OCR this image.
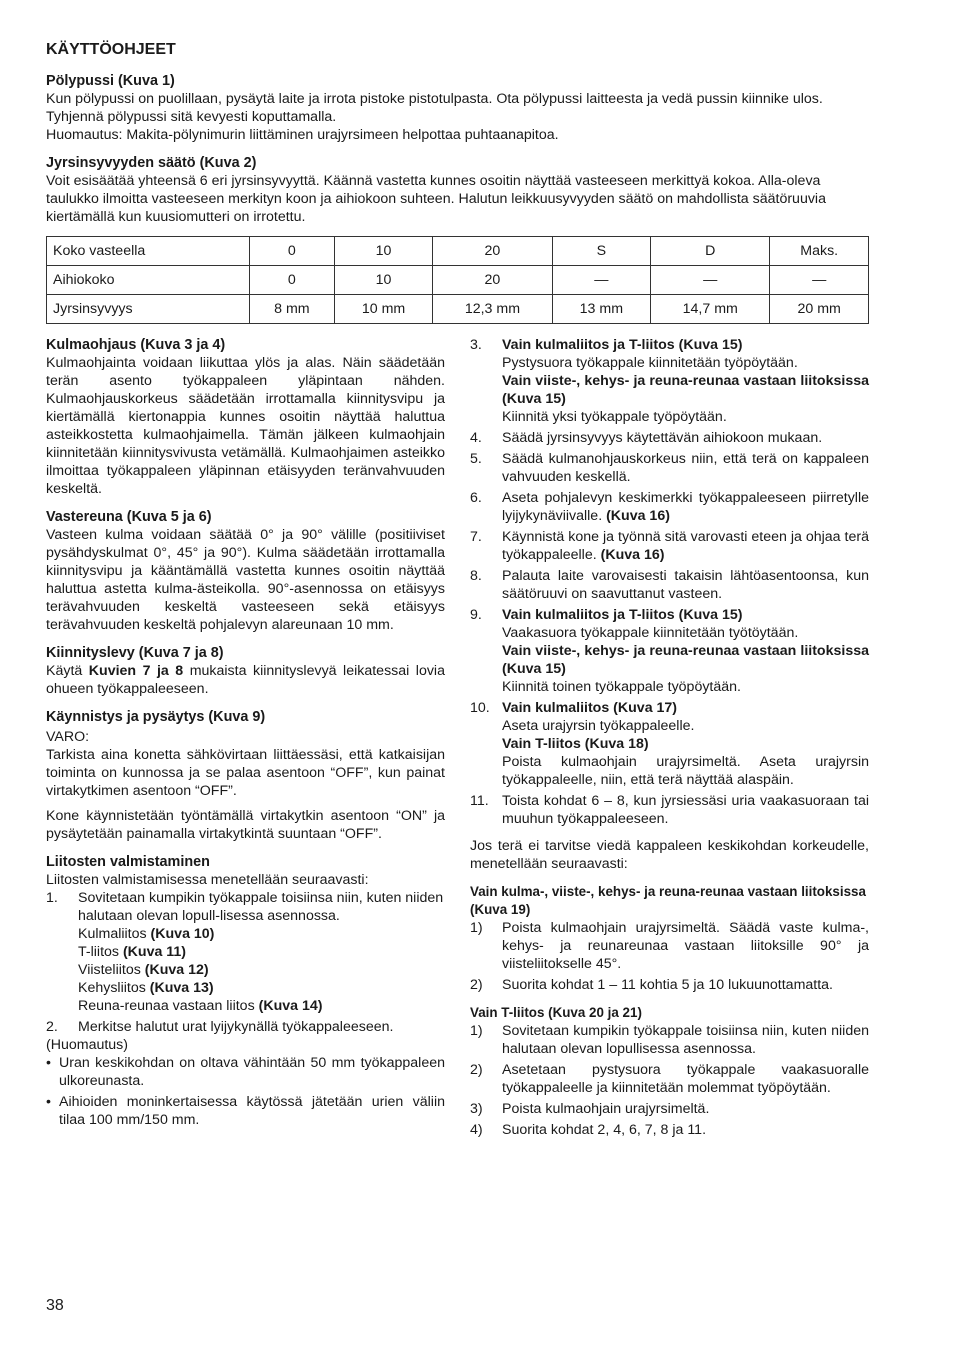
KÄYTTÖOHJEET
Pölypussi (Kuva 1)

Kun pölypussi on puolillaan, pysäytä laite ja irrota pistoke pistotulpasta. Ota pölypussi laitteesta ja vedä pussin kiinnike ulos. Tyhjennä pölypussi sitä kevyesti koputtamalla.

Huomautus: Makita-pölynimurin liittäminen urajyrsimeen helpottaa puhtaanapitoa.

Jyrsinsyvyyden säätö (Kuva 2)

Voit esisäätää yhteensä 6 eri jyrsinsyvyyttä. Käännä vastetta kunnes osoitin näyttää vasteeseen merkittyä kokoa. Alla-oleva taulukko ilmoitta vasteeseen merkityn koon ja aihiokoon suhteen. Halutun leikkuusyvyyden säätö on mahdollista säätöruuvia kiertämällä kun kuusiomutteri on irrotettu.

Koko vasteella	0	10	20	S	D	Maks.
Aihiokoko	0	10	20	—	—	—
Jyrsinsyvyys	8 mm	10 mm	12,3 mm	13 mm	14,7 mm	20 mm
Kulmaohjaus (Kuva 3 ja 4)

Kulmaohjainta voidaan liikuttaa ylös ja alas. Näin säädetään terän asento työkappaleen yläpintaan nähden. Kulmaohjauskorkeus säädetään irrottamalla kiinnitysvipu ja kiertämällä kiertonappia kunnes osoitin näyttää haluttua asteikkostetta kulmaohjaimella. Tämän jälkeen kulmaohjain kiinnitetään kiinnitysvivusta vetämällä. Kulmaohjaimen asteikko ilmoittaa työkappaleen yläpinnan etäisyyden teränvahvuuden keskeltä.

Vastereuna (Kuva 5 ja 6)

Vasteen kulma voidaan säätää 0° ja 90° välille (positiiviset pysähdyskulmat 0°, 45° ja 90°). Kulma säädetään irrottamalla kiinnitysvipu ja kääntämällä vastetta kunnes osoitin näyttää haluttua astetta kulma-ästeikolla. 90°-asennossa on etäisyys terävahvuuden keskeltä vasteeseen sekä etäisyys terävahvuuden keskeltä pohjalevyn alareunaan 10 mm.

Kiinnityslevy (Kuva 7 ja 8)

Käytä Kuvien 7 ja 8 mukaista kiinnityslevyä leikatessai lovia ohueen työkappaleeseen.

Käynnistys ja pysäytys (Kuva 9)

VARO:

Tarkista aina konetta sähkövirtaan liittäessäsi, että katkaisijan toiminta on kunnossa ja se palaa asentoon “OFF”, kun painat virtakytkimen asentoon “OFF”.

Kone käynnistetään työntämällä virtakytkin asentoon “ON” ja pysäytetään painamalla virtakytkintä suuntaan “OFF”.

Liitosten valmistaminen

Liitosten valmistamisessa menetellään seuraavasti:

1.	Sovitetaan kumpikin työkappale toisiinsa niin, kuten niiden halutaan olevan lopull-lisessa asennossa.
Kulmaliitos (Kuva 10)
T-liitos (Kuva 11)
Viisteliitos (Kuva 12)
Kehysliitos (Kuva 13)
Reuna-reunaa vastaan liitos (Kuva 14)
2.	Merkitse halutut urat lyijykynällä työkappaleeseen.

(Huomautus)

• Uran keskikohdan on oltava vähintään 50 mm työkappaleen ulkoreunasta.
• Aihioiden moninkertaisessa käytössä jätetään urien väliin tilaa 100 mm/150 mm.
3.	Vain kulmaliitos ja T-liitos (Kuva 15)
Pystysuora työkappale kiinnitetään työpöytään.
Vain viiste-, kehys- ja reuna-reunaa vastaan liitoksissa (Kuva 15)
Kiinnitä yksi työkappale työpöytään.
4.	Säädä jyrsinsyvyys käytettävän aihiokoon mukaan.
5.	Säädä kulmanohjauskorkeus niin, että terä on kappaleen vahvuuden keskellä.
6.	Aseta pohjalevyn keskimerkki työkappaleeseen piirretylle lyijykynäviivalle. (Kuva 16)
7.	Käynnistä kone ja työnnä sitä varovasti eteen ja ohjaa terä työkappaleelle. (Kuva 16)
8.	Palauta laite varovaisesti takaisin lähtöasentoonsa, kun säätöruuvi on saavuttanut vasteen.
9.	Vain kulmaliitos ja T-liitos (Kuva 15)
Vaakasuora työkappale kiinnitetään työtöytään.
Vain viiste-, kehys- ja reuna-reunaa vastaan liitoksissa (Kuva 15)
Kiinnitä toinen työkappale työpöytään.
10. Vain kulmaliitos (Kuva 17)
Aseta urajyrsin työkappaleelle.
Vain T-liitos (Kuva 18)
Poista kulmaohjain urajyrsimeltä. Aseta urajyrsin työkappaleelle, niin, että terä näyttää alaspäin.
11. Toista kohdat 6 – 8, kun jyrsiessäsi uria vaakasuoraan tai muuhun työkappaleeseen.

Jos terä ei tarvitse viedä kappaleen keskikohdan korkeudelle, menetellään seuraavasti:

Vain kulma-, viiste-, kehys- ja reuna-reunaa vastaan liitoksissa (Kuva 19)
1)	Poista kulmaohjain urajyrsimeltä. Säädä vaste kulma-, kehys- ja reunareunaa vastaan liitoksille 90° ja viisteliitokselle 45°.
2)	Suorita kohdat 1 – 11 kohtia 5 ja 10 lukuunottamatta.
Vain T-liitos (Kuva 20 ja 21)
1)	Sovitetaan kumpikin työkappale toisiinsa niin, kuten niiden halutaan olevan lopullisessa asennossa.
2)	Asetetaan pystysuora työkappale vaakasuoralle työkappaleelle ja kiinnitetään molemmat työpöytään.
3)	Poista kulmaohjain urajyrsimeltä.
4)	Suorita kohdat 2, 4, 6, 7, 8 ja 11.
38
